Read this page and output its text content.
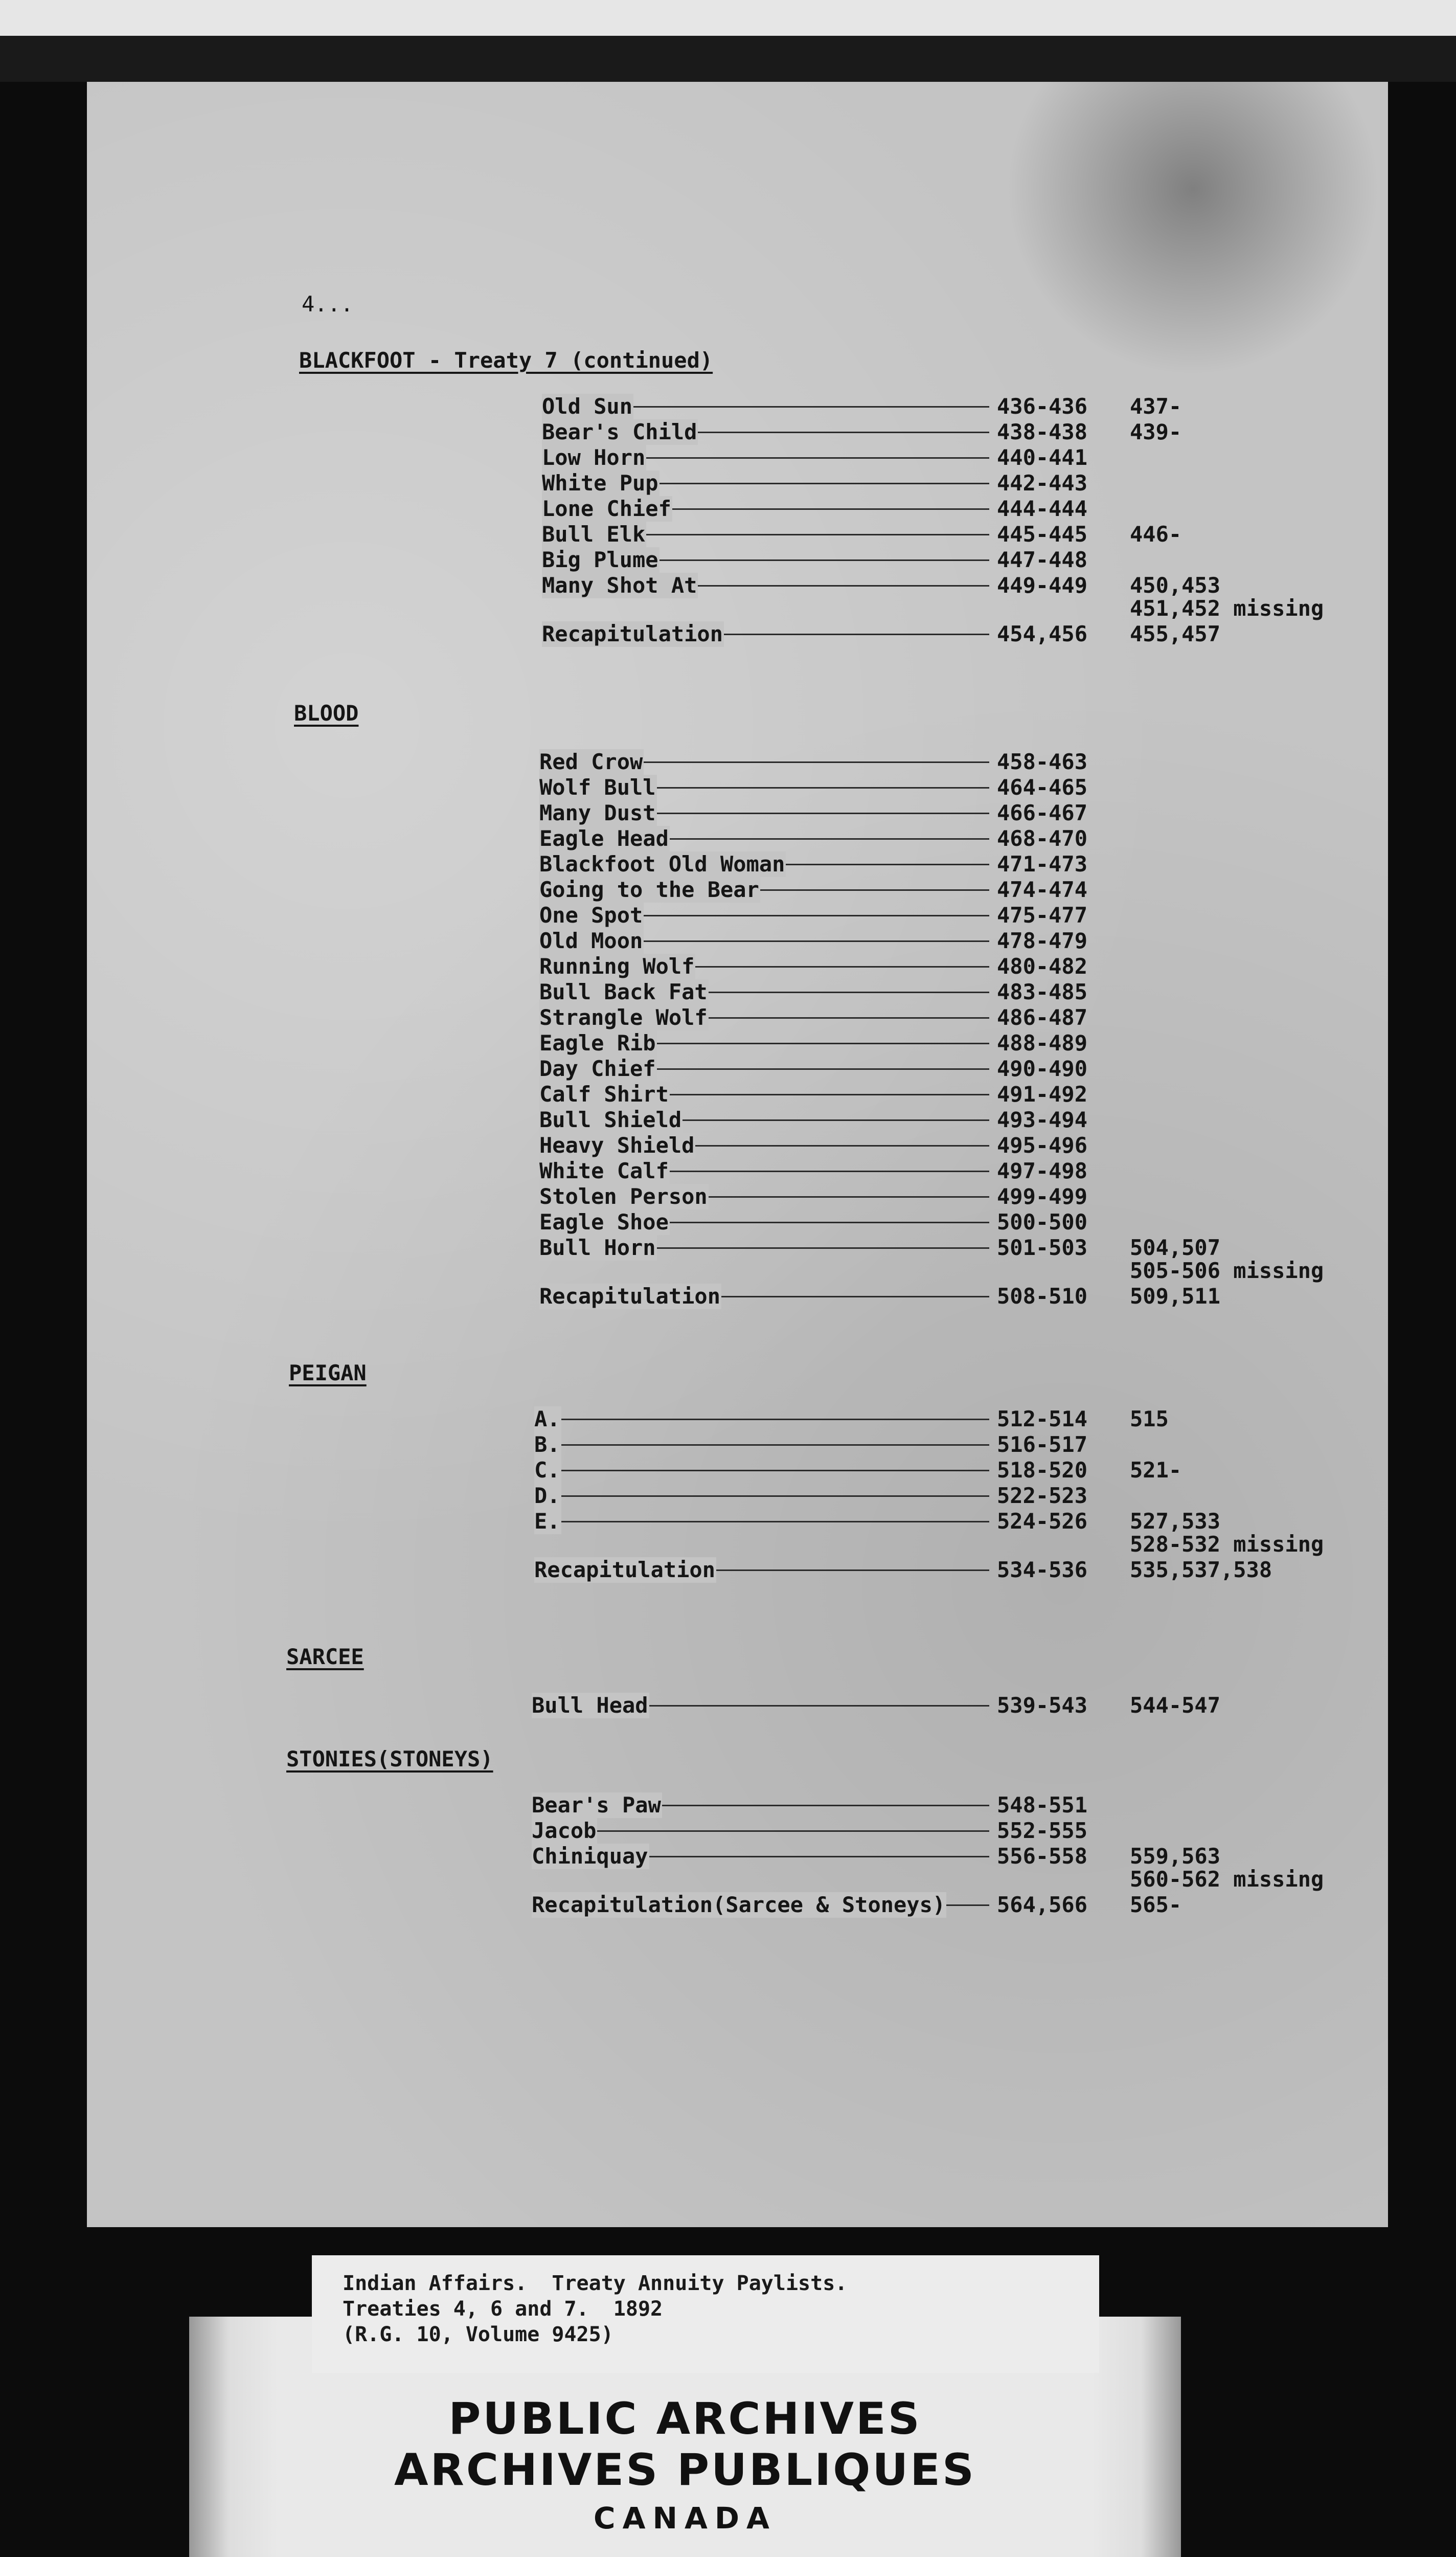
4...
BLACKFOOT - Treaty 7 (continued)
Old Sun	436-436 437-
Bear's Child	438-438 439-
Low Horn	440-441
White Pup	442-443
Lone Chief	444-444
Bull Elk	445-445 446-
Big Plume	447-448
Many Shot At	449-449 450,453
451,452 missing
Recapitulation	454,456 455,457
BLOOD
Red Crow	458-463
Wolf Bull	464-465
Many Dust	466-467
Eagle Head	468-470
Blackfoot Old Woman	471-473
Going to the Bear	474-474
One Spot	475-477
Old Moon	478-479
Running Wolf	480-482
Bull Back Fat	483-485
Strangle Wolf	486-487
Eagle Rib	488-489
Day Chief	490-490
Calf Shirt	491-492
Bull Shield	493-494
Heavy Shield	495-496
White Calf	497-498
Stolen Person	499-499
Eagle Shoe	500-500
Bull Horn	501-503 504,507
505-506 missing
Recapitulation	508-510 509,511
PEIGAN
A.	512-514 515
B.	516-517
C.	518-520 521-
D.	522-523
E.	524-526 527,533
528-532 missing
Recapitulation	534-536 535,537,538
SARCEE
Bull Head	539-543 544-547
STONIES(STONEYS)
Bear's Paw	548-551
Jacob	552-555
Chiniquay	556-558 559,563
560-562 missing
Recapitulation(Sarcee & Stoneys) 564,566 565-
PUBLIC ARCHIVES
ARCHIVES PUBLIQUES
CANADA
Indian Affairs.  Treaty Annuity Paylists.
Treaties 4, 6 and 7.  1892
(R.G. 10, Volume 9425)
